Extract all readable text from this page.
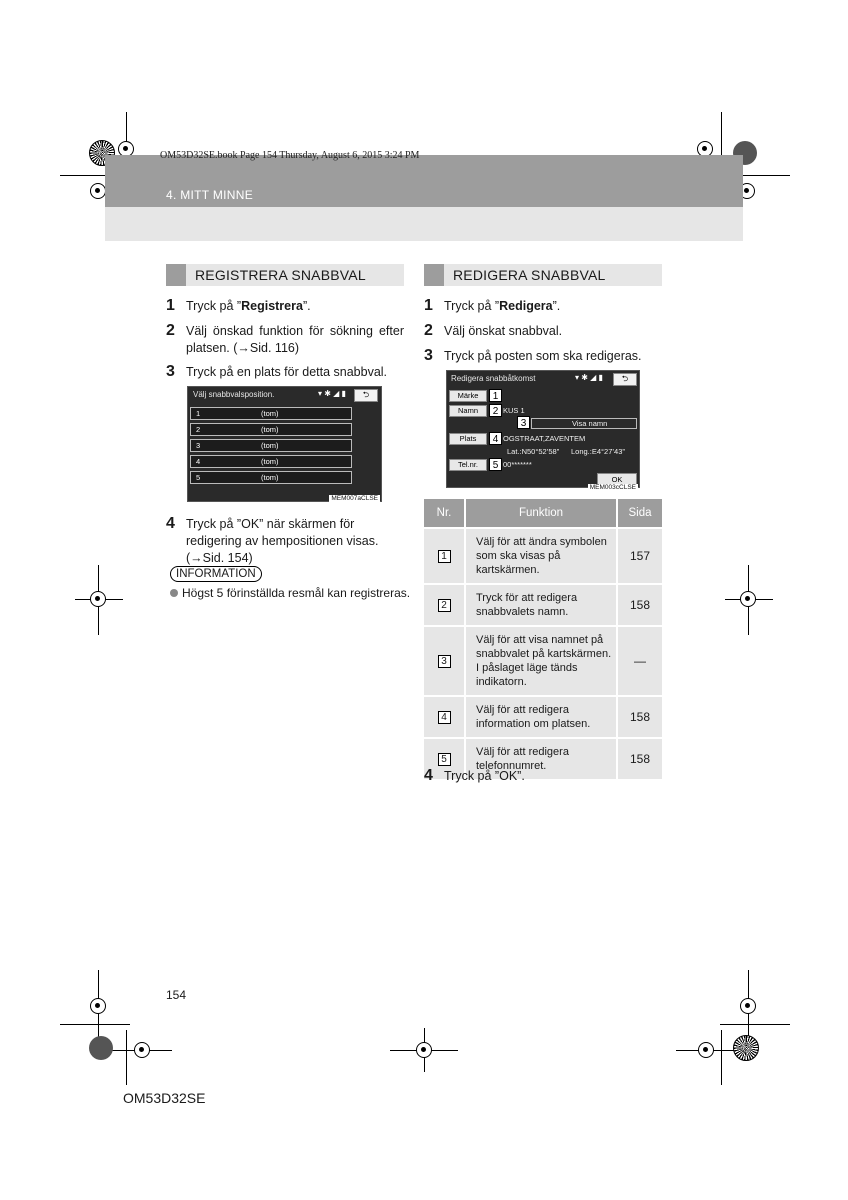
OM53D32SE.book Page 154 Thursday, August 6, 2015 3:24 PM
4. MITT MINNE
REGISTRERA SNABBVAL
1 Tryck på ”Registrera”.
2 Välj önskad funktion för sökning efter platsen. (→Sid. 116)
3 Tryck på en plats för detta snabbval.
Välj snabbvalsposition.	▾ ✱ ◢ ▮	⮌
1	(tom)
2	(tom)
3	(tom)
4	(tom)
5	(tom)
MEM007aCLSE
4 Tryck på ”OK” när skärmen för redigering av hempositionen visas. (→Sid. 154)
INFORMATION
Högst 5 förinställda resmål kan registreras.
REDIGERA SNABBVAL
1 Tryck på ”Redigera”.
2 Välj önskat snabbval.
3 Tryck på posten som ska redigeras.
Redigera snabbåtkomst	▾ ✱ ◢ ▮	⮌
Märke	1
Namn	2 KUS 1
3	Visa namn
Plats	4 OGSTRAAT,ZAVENTEM
Lat.:N50°52’58” Long.:E4°27’43”
Tel.nr.	5 00*******
OK
MEM003cCLSE
Nr.	Funktion	Sida
1	Välj för att ändra symbolen som ska visas på kartskärmen.	157
2	Tryck för att redigera snabbvalets namn.	158
3	Välj för att visa namnet på snabbvalet på kartskärmen. I påslaget läge tänds indikatorn.	—
4	Välj för att redigera information om platsen.	158
5	Välj för att redigera telefonnumret.	158
4 Tryck på ”OK”.
154
OM53D32SE
